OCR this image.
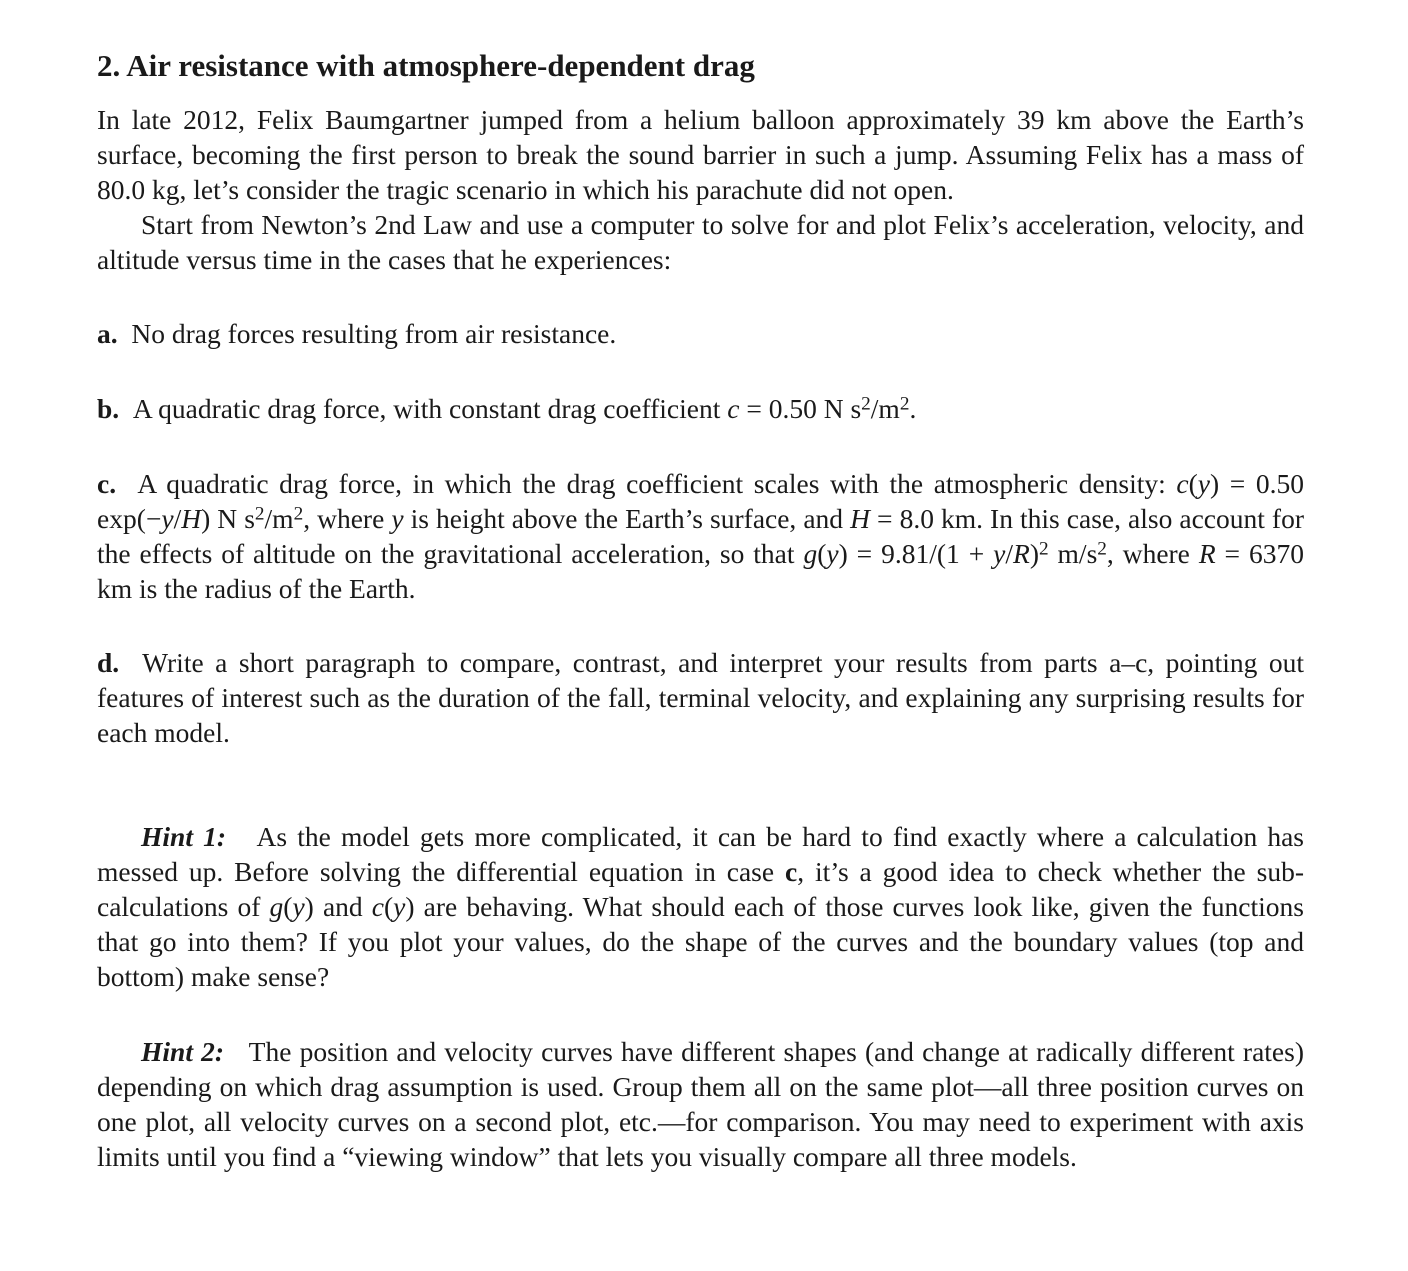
2. Air resistance with atmosphere-dependent drag
In late 2012, Felix Baumgartner jumped from a helium balloon approximately 39 km above the Earth’s surface, becoming the first person to break the sound barrier in such a jump. Assuming Felix has a mass of 80.0 kg, let’s consider the tragic scenario in which his parachute did not open.
Start from Newton’s 2nd Law and use a computer to solve for and plot Felix’s acceleration, velocity, and altitude versus time in the cases that he experiences:
a. No drag forces resulting from air resistance.
b. A quadratic drag force, with constant drag coefficient c = 0.50 N $s^2/m^2$.
c. A quadratic drag force, in which the drag coefficient scales with the atmospheric density: c(y) = 0.50 exp(−y/H) N $s^2/m^2$, where y is height above the Earth’s surface, and H = 8.0 km. In this case, also account for the effects of altitude on the gravitational acceleration, so that $g(y) = 9.81/(1 + y/R)^2$ $m/s^2$, where R = 6370 km is the radius of the Earth.
d. Write a short paragraph to compare, contrast, and interpret your results from parts a–c, pointing out features of interest such as the duration of the fall, terminal velocity, and explaining any surprising results for each model.
Hint 1: As the model gets more complicated, it can be hard to find exactly where a calculation has messed up. Before solving the differential equation in case c, it’s a good idea to check whether the sub-calculations of g(y) and c(y) are behaving. What should each of those curves look like, given the functions that go into them? If you plot your values, do the shape of the curves and the boundary values (top and bottom) make sense?
Hint 2: The position and velocity curves have different shapes (and change at radically different rates) depending on which drag assumption is used. Group them all on the same plot—all three position curves on one plot, all velocity curves on a second plot, etc.—for comparison. You may need to experiment with axis limits until you find a “viewing window” that lets you visually compare all three models.
